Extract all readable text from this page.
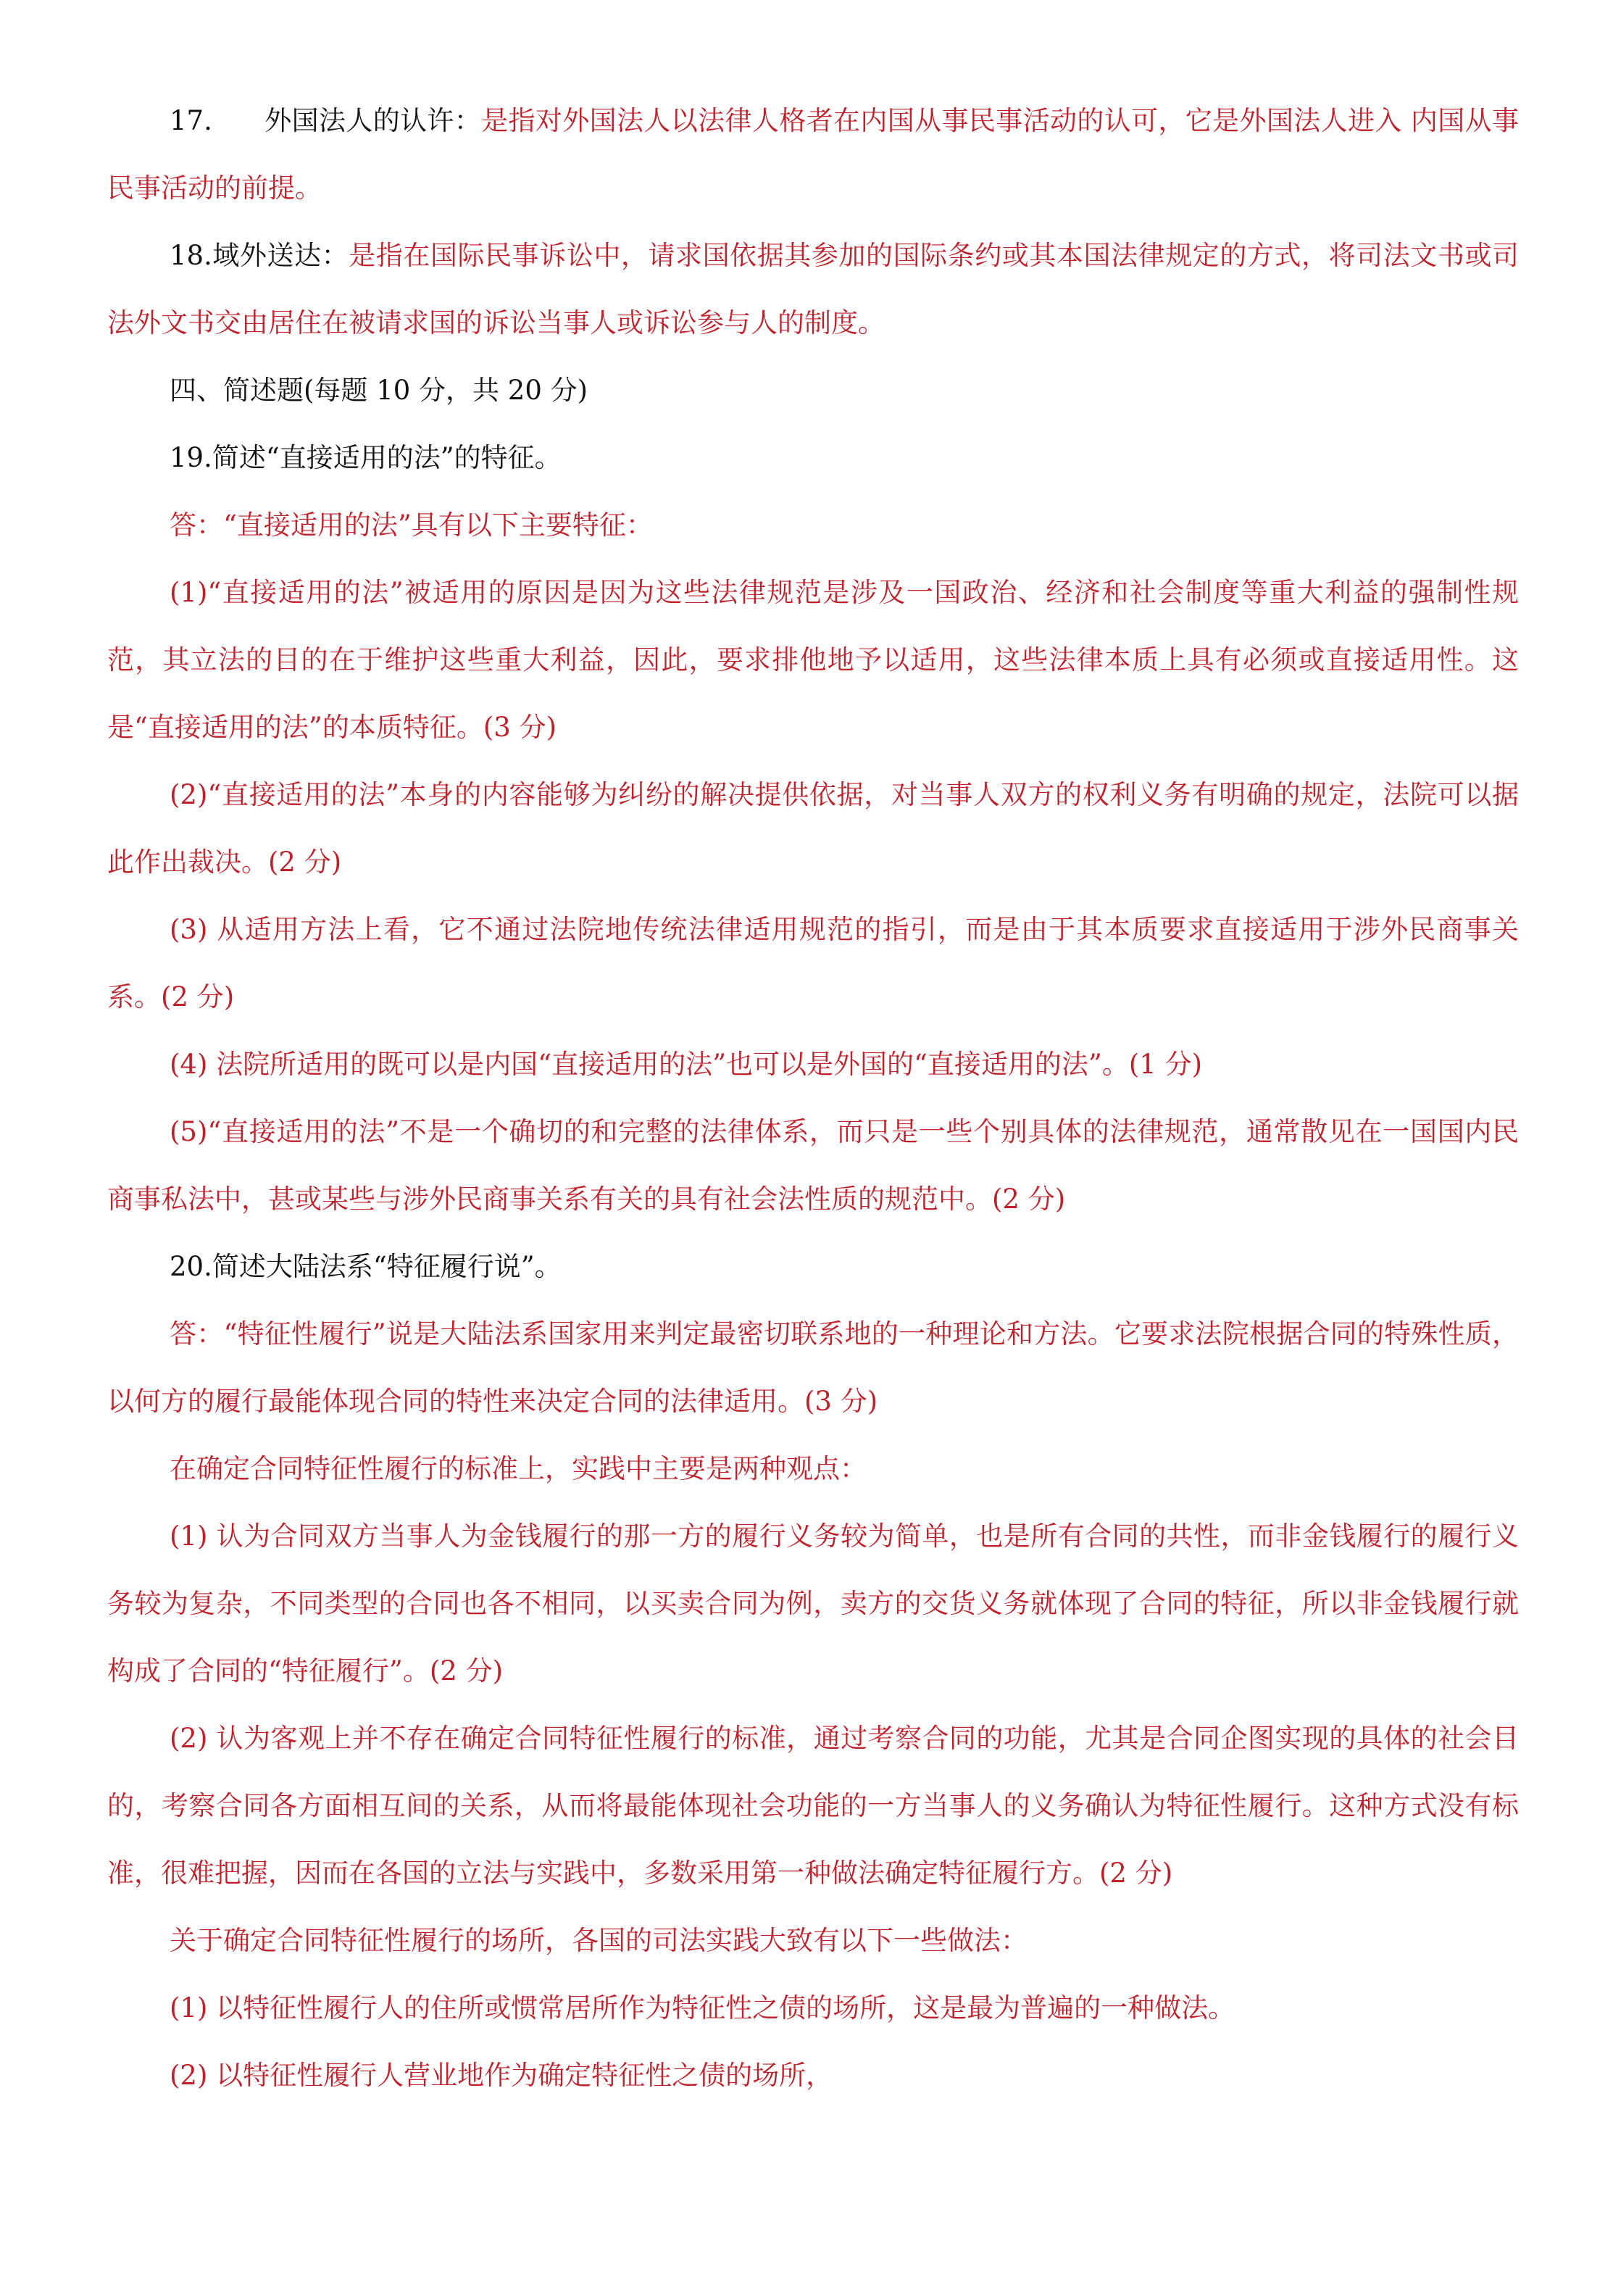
17. 外国法人的认许：是指对外国法人以法律人格者在内国从事民事活动的认可，它是外国法人进入 内国从事民事活动的前提。

18.域外送达：是指在国际民事诉讼中，请求国依据其参加的国际条约或其本国法律规定的方式，将司法文书或司法外文书交由居住在被请求国的诉讼当事人或诉讼参与人的制度。

四、简述题(每题 10 分，共 20 分)

19.简述“直接适用的法”的特征。

答：“直接适用的法”具有以下主要特征：

(1)“直接适用的法”被适用的原因是因为这些法律规范是涉及一国政治、经济和社会制度等重大利益的强制性规范，其立法的目的在于维护这些重大利益，因此，要求排他地予以适用，这些法律本质上具有必须或直接适用性。这是“直接适用的法”的本质特征。(3 分)

(2)“直接适用的法”本身的内容能够为纠纷的解决提供依据，对当事人双方的权利义务有明确的规定，法院可以据此作出裁决。(2 分)

(3) 从适用方法上看，它不通过法院地传统法律适用规范的指引，而是由于其本质要求直接适用于涉外民商事关系。(2 分)

(4) 法院所适用的既可以是内国“直接适用的法”也可以是外国的“直接适用的法”。(1 分)

(5)“直接适用的法”不是一个确切的和完整的法律体系，而只是一些个别具体的法律规范，通常散见在一国国内民商事私法中，甚或某些与涉外民商事关系有关的具有社会法性质的规范中。(2 分)

20.简述大陆法系“特征履行说”。

答：“特征性履行”说是大陆法系国家用来判定最密切联系地的一种理论和方法。它要求法院根据合同的特殊性质，以何方的履行最能体现合同的特性来决定合同的法律适用。(3 分)

在确定合同特征性履行的标准上，实践中主要是两种观点：

(1) 认为合同双方当事人为金钱履行的那一方的履行义务较为简单，也是所有合同的共性，而非金钱履行的履行义务较为复杂，不同类型的合同也各不相同，以买卖合同为例，卖方的交货义务就体现了合同的特征，所以非金钱履行就构成了合同的“特征履行”。(2 分)

(2) 认为客观上并不存在确定合同特征性履行的标准，通过考察合同的功能，尤其是合同企图实现的具体的社会目的，考察合同各方面相互间的关系，从而将最能体现社会功能的一方当事人的义务确认为特征性履行。这种方式没有标准，很难把握，因而在各国的立法与实践中，多数采用第一种做法确定特征履行方。(2 分)

关于确定合同特征性履行的场所，各国的司法实践大致有以下一些做法：

(1) 以特征性履行人的住所或惯常居所作为特征性之债的场所，这是最为普遍的一种做法。

(2) 以特征性履行人营业地作为确定特征性之债的场所，
